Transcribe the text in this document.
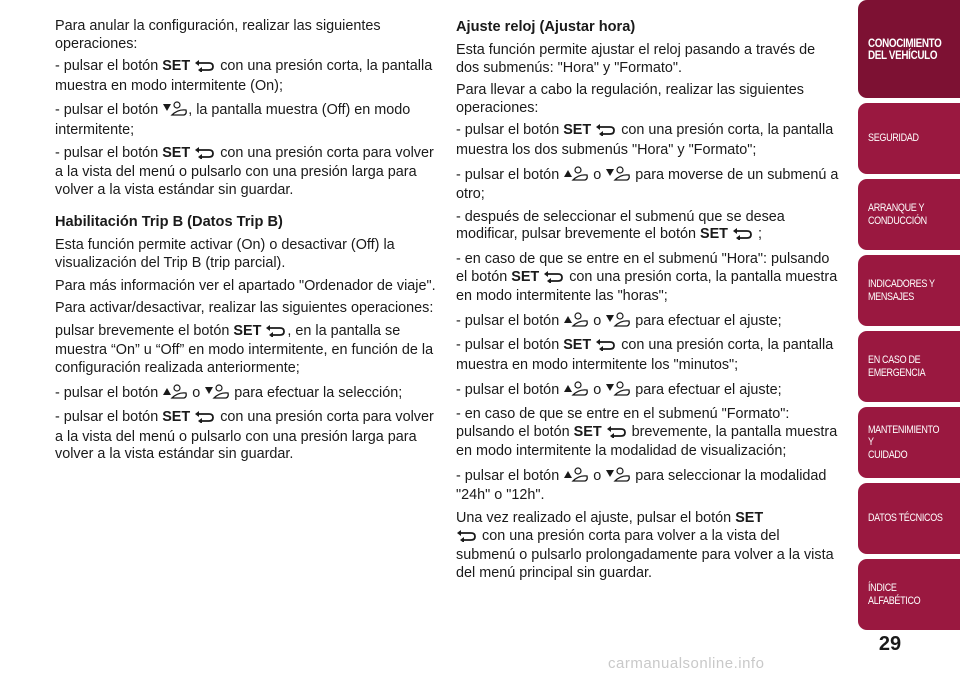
Para anular la configuración, realizar las siguientes operaciones:

- pulsar el botón SET con una presión corta, la pantalla muestra en modo intermitente (On);

- pulsar el botón , la pantalla muestra (Off) en modo intermitente;

- pulsar el botón SET con una presión corta para volver a la vista del menú o pulsarlo con una presión larga para volver a la vista estándar sin guardar.

Habilitación Trip B (Datos Trip B)

Esta función permite activar (On) o desactivar (Off) la visualización del Trip B (trip parcial).

Para más información ver el apartado "Ordenador de viaje".

Para activar/desactivar, realizar las siguientes operaciones:

pulsar brevemente el botón SET , en la pantalla se muestra “On” u “Off” en modo intermitente, en función de la configuración realizada anteriormente;

- pulsar el botón o para efectuar la selección;

- pulsar el botón SET con una presión corta para volver a la vista del menú o pulsarlo con una presión larga para volver a la vista estándar sin guardar.

Ajuste reloj (Ajustar hora)

Esta función permite ajustar el reloj pasando a través de dos submenús: "Hora" y "Formato".

Para llevar a cabo la regulación, realizar las siguientes operaciones:

- pulsar el botón SET con una presión corta, la pantalla muestra los dos submenús "Hora" y "Formato";

- pulsar el botón o para moverse de un submenú a otro;

- después de seleccionar el submenú que se desea modificar, pulsar brevemente el botón SET ;

- en caso de que se entre en el submenú "Hora": pulsando el botón SET con una presión corta, la pantalla muestra en modo intermitente las "horas";

- pulsar el botón o para efectuar el ajuste;

- pulsar el botón SET con una presión corta, la pantalla muestra en modo intermitente los "minutos";

- pulsar el botón o para efectuar el ajuste;

- en caso de que se entre en el submenú "Formato": pulsando el botón SET brevemente, la pantalla muestra en modo intermitente la modalidad de visualización;

- pulsar el botón o para seleccionar la modalidad "24h" o "12h".

Una vez realizado el ajuste, pulsar el botón SET
con una presión corta para volver a la vista del submenú o pulsarlo prolongadamente para volver a la vista del menú principal sin guardar.

CONOCIMIENTO
DEL VEHÍCULO
SEGURIDAD
ARRANQUE Y
CONDUCCIÓN
INDICADORES Y
MENSAJES
EN CASO DE
EMERGENCIA
MANTENIMIENTO Y
CUIDADO
DATOS TÉCNICOS
ÍNDICE ALFABÉTICO
29
carmanualsonline.info
